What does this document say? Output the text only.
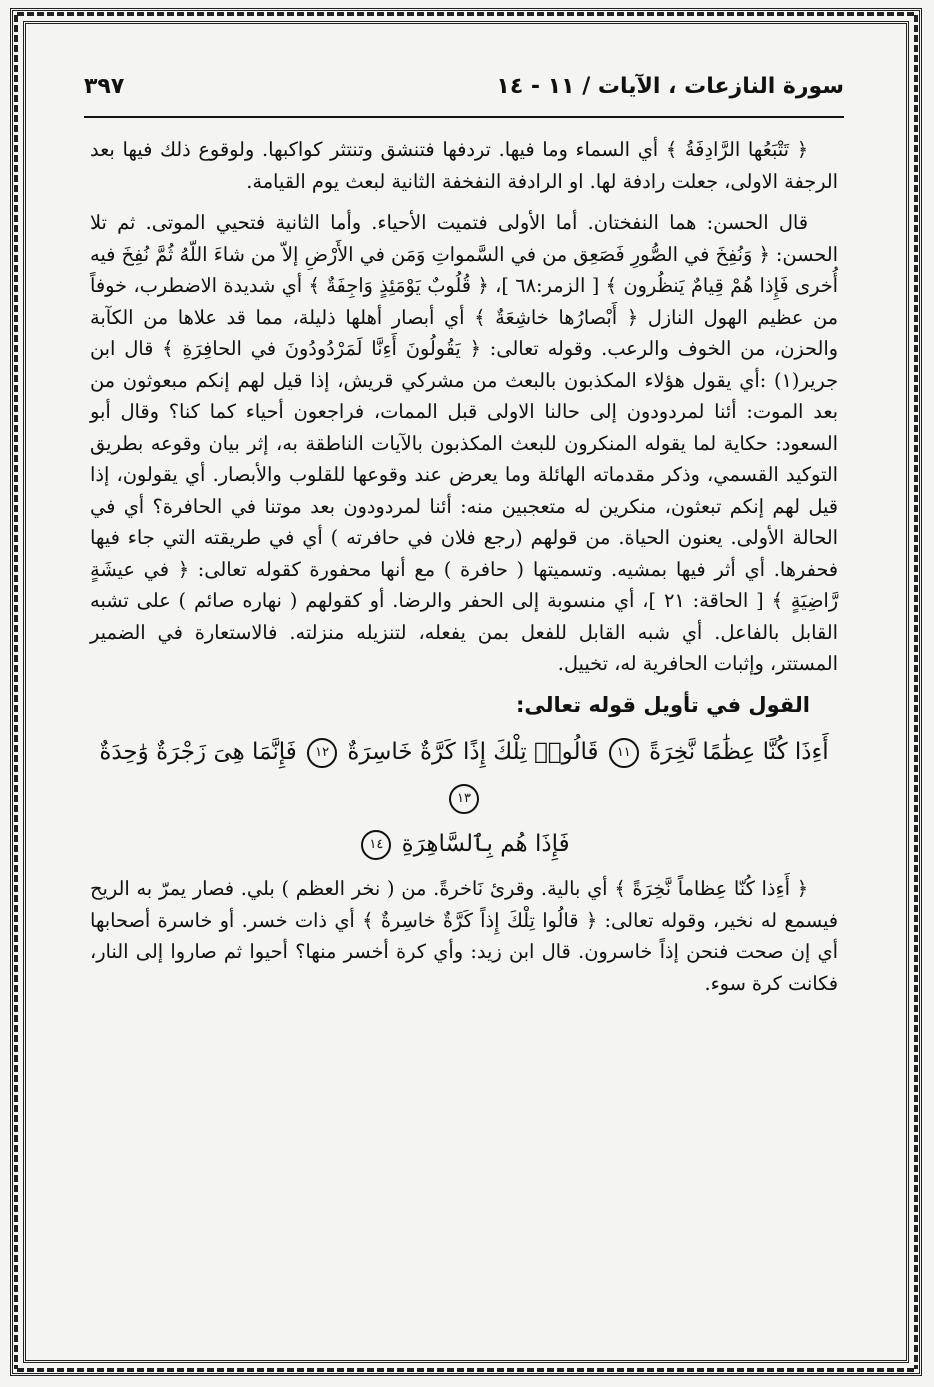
سورة النازعات ، الآيات / ١١ - ١٤
٣٩٧

﴿ تَتْبَعُها الرَّادِفَةُ ﴾ أي السماء وما فيها. تردفها فتنشق وتنتثر كواكبها. ولوقوع ذلك فيها بعد الرجفة الاولى، جعلت رادفة لها. او الرادفة النفخفة الثانية لبعث يوم القيامة.

قال الحسن: هما النفختان. أما الأولى فتميت الأحياء. وأما الثانية فتحيي الموتى. ثم تلا الحسن: ﴿ وَنُفِخَ في الصُّورِ فَصَعِق من في السَّمواتِ وَمَن في الأَرْضِ إلاّ من شاءَ اللّهُ ثُمَّ نُفِخَ فيه أُخرى فَإِذا هُمْ قِيامٌ يَنظُرون ﴾ [ الزمر:٦٨ ]، ﴿ قُلُوبٌ يَوْمَئِذٍ وَاجِفَةٌ ﴾ أي شديدة الاضطرب، خوفاً من عظيم الهول النازل ﴿ أَبْصارُها خاشِعَةٌ ﴾ أي أبصار أهلها ذليلة، مما قد علاها من الكآبة والحزن، من الخوف والرعب. وقوله تعالى: ﴿ يَقُولُونَ أَءِنَّا لَمَرْدُودُونَ في الحافِرَةِ ﴾ قال ابن جرير(١) :أي يقول هؤلاء المكذبون بالبعث من مشركي قريش، إذا قيل لهم إنكم مبعوثون من بعد الموت: أئنا لمردودون إلى حالنا الاولى قبل الممات، فراجعون أحياء كما كنا؟ وقال أبو السعود: حكاية لما يقوله المنكرون للبعث المكذبون بالآيات الناطقة به، إثر بيان وقوعه بطريق التوكيد القسمي، وذكر مقدماته الهائلة وما يعرض عند وقوعها للقلوب والأبصار. أي يقولون، إذا قيل لهم إنكم تبعثون، منكرين له متعجبين منه: أئنا لمردودون بعد موتنا في الحافرة؟ أي في الحالة الأولى. يعنون الحياة. من قولهم (رجع فلان في حافرته ) أي في طريقته التي جاء فيها فحفرها. أي أثر فيها بمشيه. وتسميتها ( حافرة ) مع أنها محفورة كقوله تعالى: ﴿ في عيشَةٍ رَّاضِيَةٍ ﴾ [ الحاقة: ٢١ ]، أي منسوبة إلى الحفر والرضا. أو كقولهم ( نهاره صائم ) على تشبه القابل بالفاعل. أي شبه القابل للفعل بمن يفعله، لتنزيله منزلته. فالاستعارة في الضمير المستتر، وإثبات الحافرية له، تخييل.

القول في تأويل قوله تعالى:

أَءِذَا كُنَّا عِظَٰمًا نَّخِرَةً ١١ قَالُوا۟ تِلْكَ إِذًا كَرَّةٌ خَاسِرَةٌ ١٢ فَإِنَّمَا هِىَ زَجْرَةٌ وَٰحِدَةٌ ١٣
فَإِذَا هُم بِٱلسَّاهِرَةِ ١٤

﴿ أَءِذا كُنّا عِظاماً نَّخِرَةً ﴾ أي بالية. وقرئ نَاخرةً. من ( نخر العظم ) بلي. فصار يمرّ به الريح فيسمع له نخير، وقوله تعالى: ﴿ قالُوا تِلْكَ إِذاً كَرَّةٌ خاسِرةٌ ﴾ أي ذات خسر. أو خاسرة أصحابها أي إن صحت فنحن إذاً خاسرون. قال ابن زيد: وأي كرة أخسر منها؟ أحيوا ثم صاروا إلى النار، فكانت كرة سوء.
